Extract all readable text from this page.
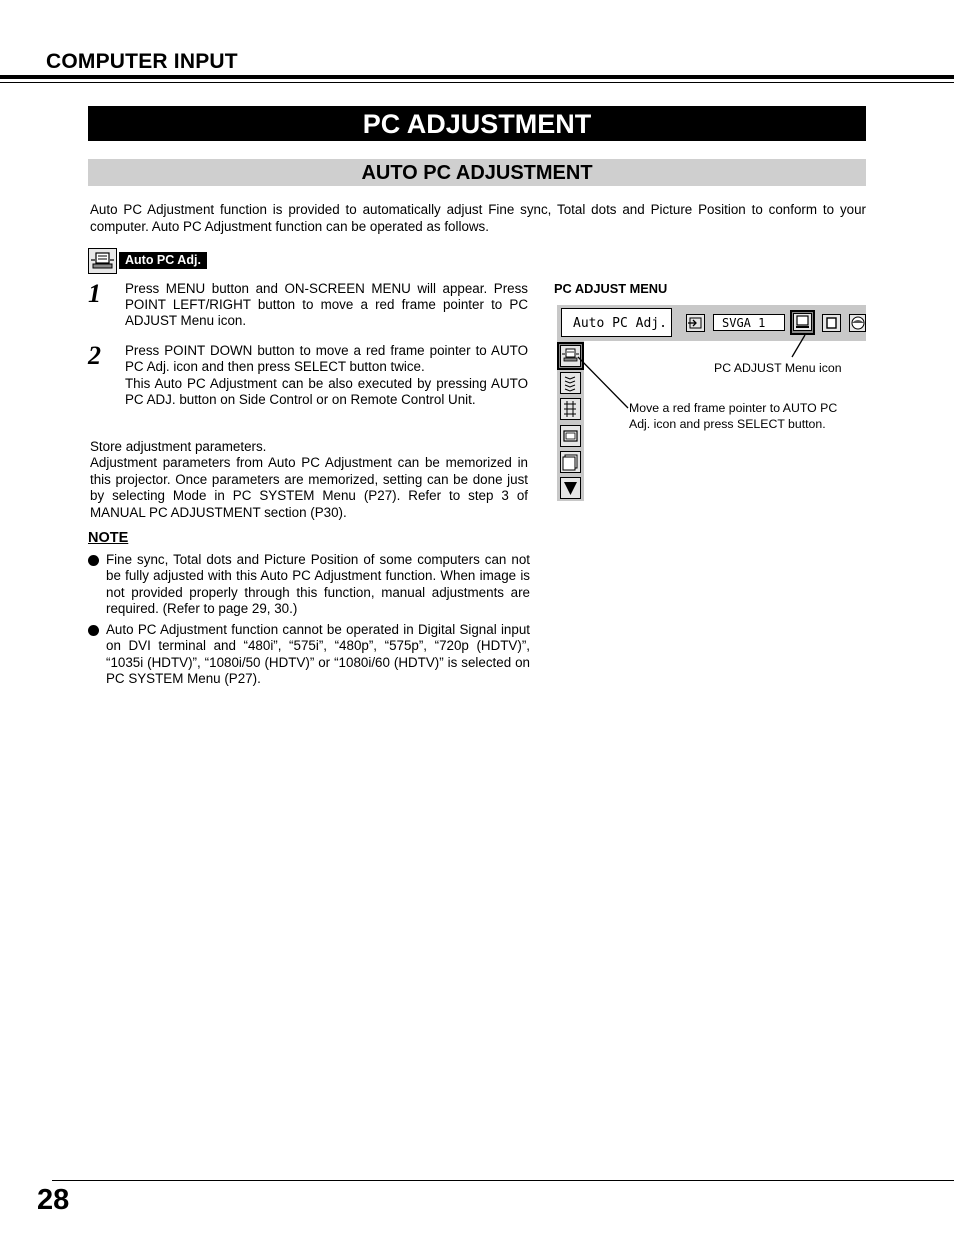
COMPUTER INPUT
PC ADJUSTMENT
AUTO PC ADJUSTMENT
Auto PC Adjustment function is provided to automatically adjust Fine sync, Total dots and Picture Position to conform to your computer. Auto PC Adjustment function can be operated as follows.
Auto PC Adj.
1 Press MENU button and ON-SCREEN MENU will appear. Press POINT LEFT/RIGHT button to move a red frame pointer to PC ADJUST Menu icon.
2 Press POINT DOWN button to move a red frame pointer to AUTO PC Adj. icon and then press SELECT button twice.
This Auto PC Adjustment can be also executed by pressing AUTO PC ADJ. button on Side Control or on Remote Control Unit.
Store adjustment parameters.
Adjustment parameters from Auto PC Adjustment can be memorized in this projector. Once parameters are memorized, setting can be done just by selecting Mode in PC SYSTEM Menu (P27). Refer to step 3 of MANUAL PC ADJUSTMENT section (P30).
NOTE
Fine sync, Total dots and Picture Position of some computers can not be fully adjusted with this Auto PC Adjustment function. When image is not provided properly through this function, manual adjustments are required. (Refer to page 29, 30.)
Auto PC Adjustment function cannot be operated in Digital Signal input on DVI terminal and “480i”, “575i”, “480p”, “575p”, “720p (HDTV)”, “1035i (HDTV)”, “1080i/50 (HDTV)” or “1080i/60 (HDTV)” is selected on PC SYSTEM Menu (P27).
PC ADJUST MENU
Auto PC Adj.	SVGA 1
PC ADJUST Menu icon
Move a red frame pointer to AUTO PC Adj. icon and press SELECT button.
28
